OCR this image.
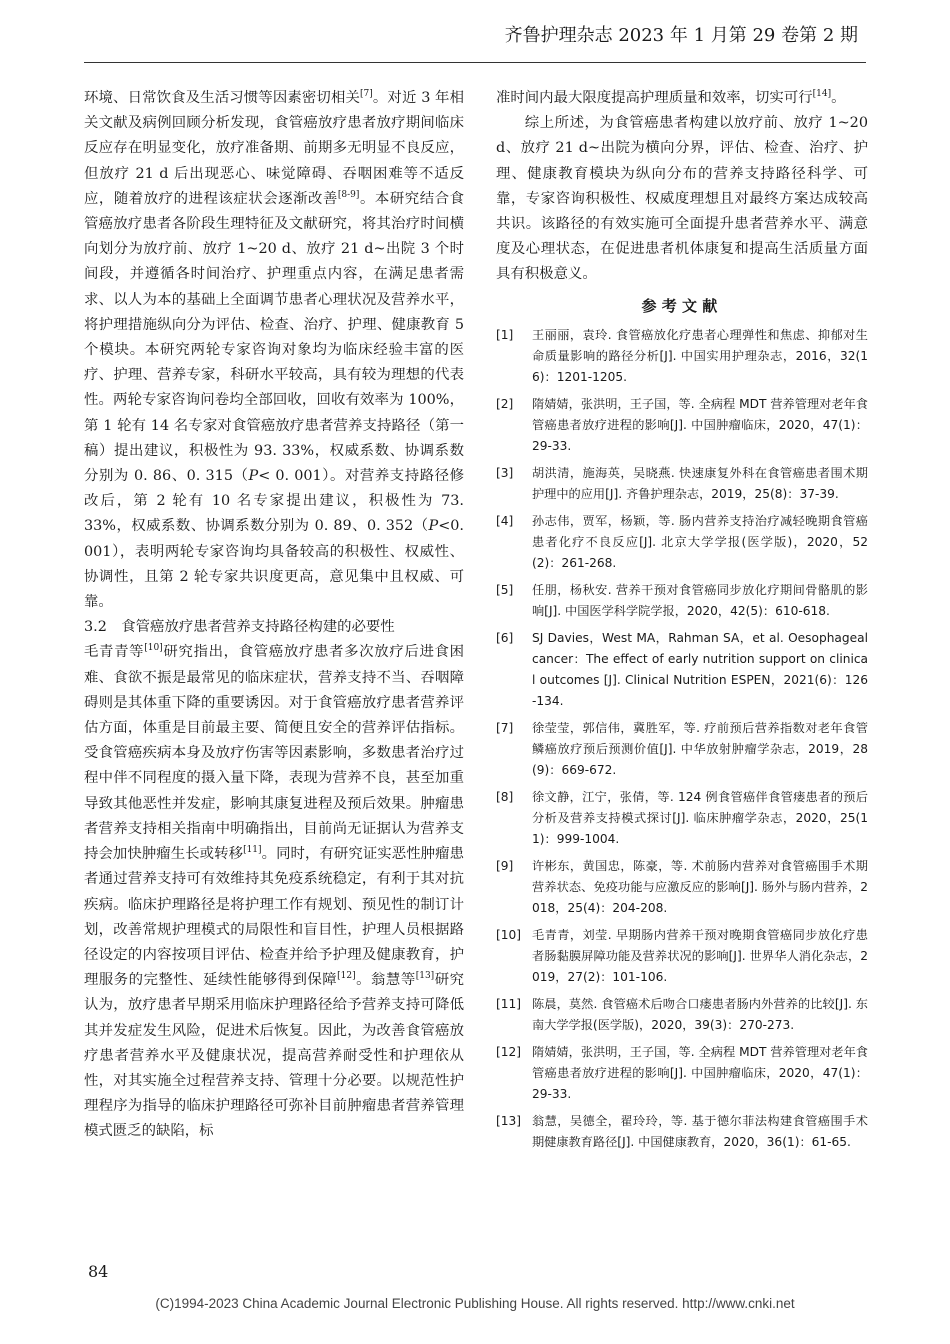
齐鲁护理杂志 2023 年 1 月第 29 卷第 2 期

环境、日常饮食及生活习惯等因素密切相关[7]。对近 3 年相关文献及病例回顾分析发现，食管癌放疗患者放疗期间临床反应存在明显变化，放疗准备期、前期多无明显不良反应，但放疗 21 d 后出现恶心、味觉障碍、吞咽困难等不适反应，随着放疗的进程该症状会逐渐改善[8-9]。本研究结合食管癌放疗患者各阶段生理特征及文献研究，将其治疗时间横向划分为放疗前、放疗 1~20 d、放疗 21 d~出院 3 个时间段，并遵循各时间治疗、护理重点内容，在满足患者需求、以人为本的基础上全面调节患者心理状况及营养水平，将护理措施纵向分为评估、检查、治疗、护理、健康教育 5 个模块。本研究两轮专家咨询对象均为临床经验丰富的医疗、护理、营养专家，科研水平较高，具有较为理想的代表性。两轮专家咨询问卷均全部回收，回收有效率为 100%，第 1 轮有 14 名专家对食管癌放疗患者营养支持路径（第一稿）提出建议，积极性为 93. 33%，权威系数、协调系数分别为 0. 86、0. 315（P< 0. 001）。对营养支持路径修改后，第 2 轮有 10 名专家提出建议，积极性为 73. 33%，权威系数、协调系数分别为 0. 89、0. 352（P<0. 001），表明两轮专家咨询均具备较高的积极性、权威性、协调性，且第 2 轮专家共识度更高，意见集中且权威、可靠。

3.2　食管癌放疗患者营养支持路径构建的必要性

毛青青等[10]研究指出，食管癌放疗患者多次放疗后进食困难、食欲不振是最常见的临床症状，营养支持不当、吞咽障碍则是其体重下降的重要诱因。对于食管癌放疗患者营养评估方面，体重是目前最主要、简便且安全的营养评估指标。受食管癌疾病本身及放疗伤害等因素影响，多数患者治疗过程中伴不同程度的摄入量下降，表现为营养不良，甚至加重导致其他恶性并发症，影响其康复进程及预后效果。肿瘤患者营养支持相关指南中明确指出，目前尚无证据认为营养支持会加快肿瘤生长或转移[11]。同时，有研究证实恶性肿瘤患者通过营养支持可有效维持其免疫系统稳定，有利于其对抗疾病。临床护理路径是将护理工作有规划、预见性的制订计划，改善常规护理模式的局限性和盲目性，护理人员根据路径设定的内容按项目评估、检查并给予护理及健康教育，护理服务的完整性、延续性能够得到保障[12]。翁慧等[13]研究认为，放疗患者早期采用临床护理路径给予营养支持可降低其并发症发生风险，促进术后恢复。因此，为改善食管癌放疗患者营养水平及健康状况，提高营养耐受性和护理依从性，对其实施全过程营养支持、管理十分必要。以规范性护理程序为指导的临床护理路径可弥补目前肿瘤患者营养管理模式匮乏的缺陷，标

准时间内最大限度提高护理质量和效率，切实可行[14]。

综上所述，为食管癌患者构建以放疗前、放疗 1~20 d、放疗 21 d~出院为横向分界，评估、检查、治疗、护理、健康教育模块为纵向分布的营养支持路径科学、可靠，专家咨询积极性、权威度理想且对最终方案达成较高共识。该路径的有效实施可全面提升患者营养水平、满意度及心理状态，在促进患者机体康复和提高生活质量方面具有积极意义。

参考文献
[1]	王丽丽，袁玲. 食管癌放化疗患者心理弹性和焦虑、抑郁对生命质量影响的路径分析[J]. 中国实用护理杂志，2016，32(16)：1201-1205.
[2]	隋婧婧，张洪明，王子国，等. 全病程 MDT 营养管理对老年食管癌患者放疗进程的影响[J]. 中国肿瘤临床，2020，47(1)：29-33.
[3]	胡洪清，施海英，吴晓燕. 快速康复外科在食管癌患者围术期护理中的应用[J]. 齐鲁护理杂志，2019，25(8)：37-39.
[4]	孙志伟，贾军，杨颖，等. 肠内营养支持治疗减轻晚期食管癌患者化疗不良反应[J]. 北京大学学报(医学版)，2020，52(2)：261-268.
[5]	任朋，杨秋安. 营养干预对食管癌同步放化疗期间骨骼肌的影响[J]. 中国医学科学院学报，2020，42(5)：610-618.
[6]	SJ Davies，West MA，Rahman SA，et al. Oesophageal cancer：The effect of early nutrition support on clinical outcomes [J]. Clinical Nutrition ESPEN，2021(6)：126-134.
[7]	徐莹莹，郭信伟，冀胜军，等. 疗前预后营养指数对老年食管鳞癌放疗预后预测价值[J]. 中华放射肿瘤学杂志，2019，28(9)：669-672.
[8]	徐文静，江宁，张倩，等. 124 例食管癌伴食管瘘患者的预后分析及营养支持模式探讨[J]. 临床肿瘤学杂志，2020，25(11)：999-1004.
[9]	许彬东，黄国忠，陈豪，等. 术前肠内营养对食管癌围手术期营养状态、免疫功能与应激反应的影响[J]. 肠外与肠内营养，2018，25(4)：204-208.
[10] 毛青青，刘莹. 早期肠内营养干预对晚期食管癌同步放化疗患者肠黏膜屏障功能及营养状况的影响[J]. 世界华人消化杂志，2019，27(2)：101-106.
[11] 陈晨，莫然. 食管癌术后吻合口瘘患者肠内外营养的比较[J]. 东南大学学报(医学版)，2020，39(3)：270-273.
[12] 隋婧婧，张洪明，王子国，等. 全病程 MDT 营养管理对老年食管癌患者放疗进程的影响[J]. 中国肿瘤临床，2020，47(1)：29-33.
[13] 翁慧，吴德全，翟玲玲，等. 基于德尔菲法构建食管癌围手术期健康教育路径[J]. 中国健康教育，2020，36(1)：61-65.
84
(C)1994-2023 China Academic Journal Electronic Publishing House. All rights reserved. http://www.cnki.net
